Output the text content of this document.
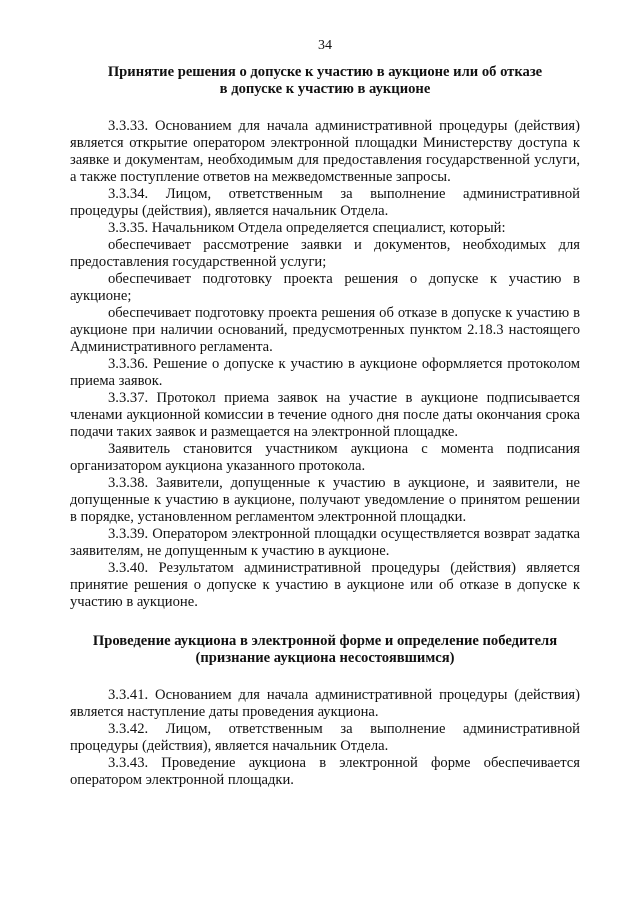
34
Принятие решения о допуске к участию в аукционе или об отказе
в допуске к участию в аукционе

3.3.33. Основанием для начала административной процедуры (действия) является открытие оператором электронной площадки Министерству доступа к заявке и документам, необходимым для предоставления государственной услуги, а также поступление ответов на межведомственные запросы.

3.3.34. Лицом, ответственным за выполнение административной процедуры (действия), является начальник Отдела.

3.3.35. Начальником Отдела определяется специалист, который:

обеспечивает рассмотрение заявки и документов, необходимых для предоставления государственной услуги;

обеспечивает подготовку проекта решения о допуске к участию в аукционе;

обеспечивает подготовку проекта решения об отказе в допуске к участию в аукционе при наличии оснований, предусмотренных пунктом 2.18.3 настоящего Административного регламента.

3.3.36. Решение о допуске к участию в аукционе оформляется протоколом приема заявок.

3.3.37. Протокол приема заявок на участие в аукционе подписывается членами аукционной комиссии в течение одного дня после даты окончания срока подачи таких заявок и размещается на электронной площадке.

Заявитель становится участником аукциона с момента подписания организатором аукциона указанного протокола.

3.3.38. Заявители, допущенные к участию в аукционе, и заявители, не допущенные к участию в аукционе, получают уведомление о принятом решении в порядке, установленном регламентом электронной площадки.

3.3.39. Оператором электронной площадки осуществляется возврат задатка заявителям, не допущенным к участию в аукционе.

3.3.40. Результатом административной процедуры (действия) является принятие решения о допуске к участию в аукционе или об отказе в допуске к участию в аукционе.

Проведение аукциона в электронной форме и определение победителя
(признание аукциона несостоявшимся)

3.3.41. Основанием для начала административной процедуры (действия) является наступление даты проведения аукциона.

3.3.42. Лицом, ответственным за выполнение административной процедуры (действия), является начальник Отдела.

3.3.43. Проведение аукциона в электронной форме обеспечивается оператором электронной площадки.
